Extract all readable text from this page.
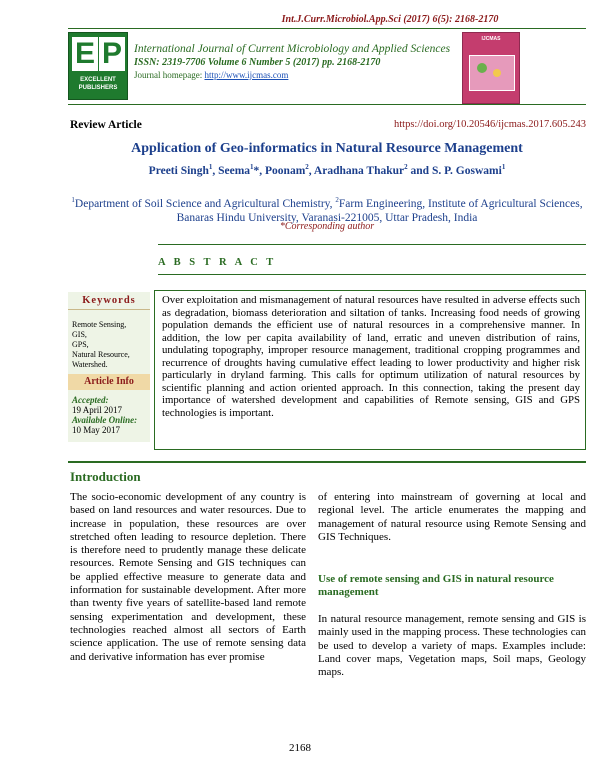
Int.J.Curr.Microbiol.App.Sci (2017) 6(5): 2168-2170
E P
EXCELLENT
PUBLISHERS
International Journal of Current Microbiology and Applied Sciences
ISSN: 2319-7706 Volume 6 Number 5 (2017) pp. 2168-2170
Journal homepage: http://www.ijcmas.com
IJCMAS
Review Article	https://doi.org/10.20546/ijcmas.2017.605.243
Application of Geo-informatics in Natural Resource Management
Preeti Singh$^1$, Seema$^1$*, Poonam$^2$, Aradhana Thakur$^2$ and S. P. Goswami$^1$
$^1$Department of Soil Science and Agricultural Chemistry, $^2$Farm Engineering, Institute of Agricultural Sciences, Banaras Hindu University, Varanasi-221005, Uttar Pradesh, India
*Corresponding author
A B S T R A C T
Keywords
Remote Sensing,
GIS,
GPS,
Natural Resource,
Watershed.
Article Info
Accepted:
19 April 2017
Available Online:
10 May 2017
Over exploitation and mismanagement of natural resources have resulted in adverse effects such as degradation, biomass deterioration and siltation of tanks. Increasing food needs of growing population demands the efficient use of natural resources in a comprehensive manner. In addition, the low per capita availability of land, erratic and uneven distribution of rains, undulating topography, improper resource management, traditional cropping programmes and recurrence of droughts having cumulative effect leading to lower productivity and higher risk particularly in dryland farming. This calls for optimum utilization of natural resources by scientific planning and action oriented approach. In this connection, taking the present day importance of watershed development and capabilities of Remote sensing, GIS and GPS technologies is important.
Introduction
The socio-economic development of any country is based on land resources and water resources. Due to increase in population, these resources are over stretched often leading to resource depletion. There is therefore need to prudently manage these delicate resources. Remote Sensing and GIS techniques can be applied effective measure to generate data and information for sustainable development. After more than twenty five years of satellite-based land remote sensing experimentation and development, these technologies reached almost all sectors of Earth science application. The use of remote sensing data and derivative information has ever promise
of entering into mainstream of governing at local and regional level. The article enumerates the mapping and management of natural resource using Remote Sensing and GIS Techniques.
Use of remote sensing and GIS in natural resource management
In natural resource management, remote sensing and GIS is mainly used in the mapping process. These technologies can be used to develop a variety of maps. Examples include: Land cover maps, Vegetation maps, Soil maps, Geology maps.
2168
